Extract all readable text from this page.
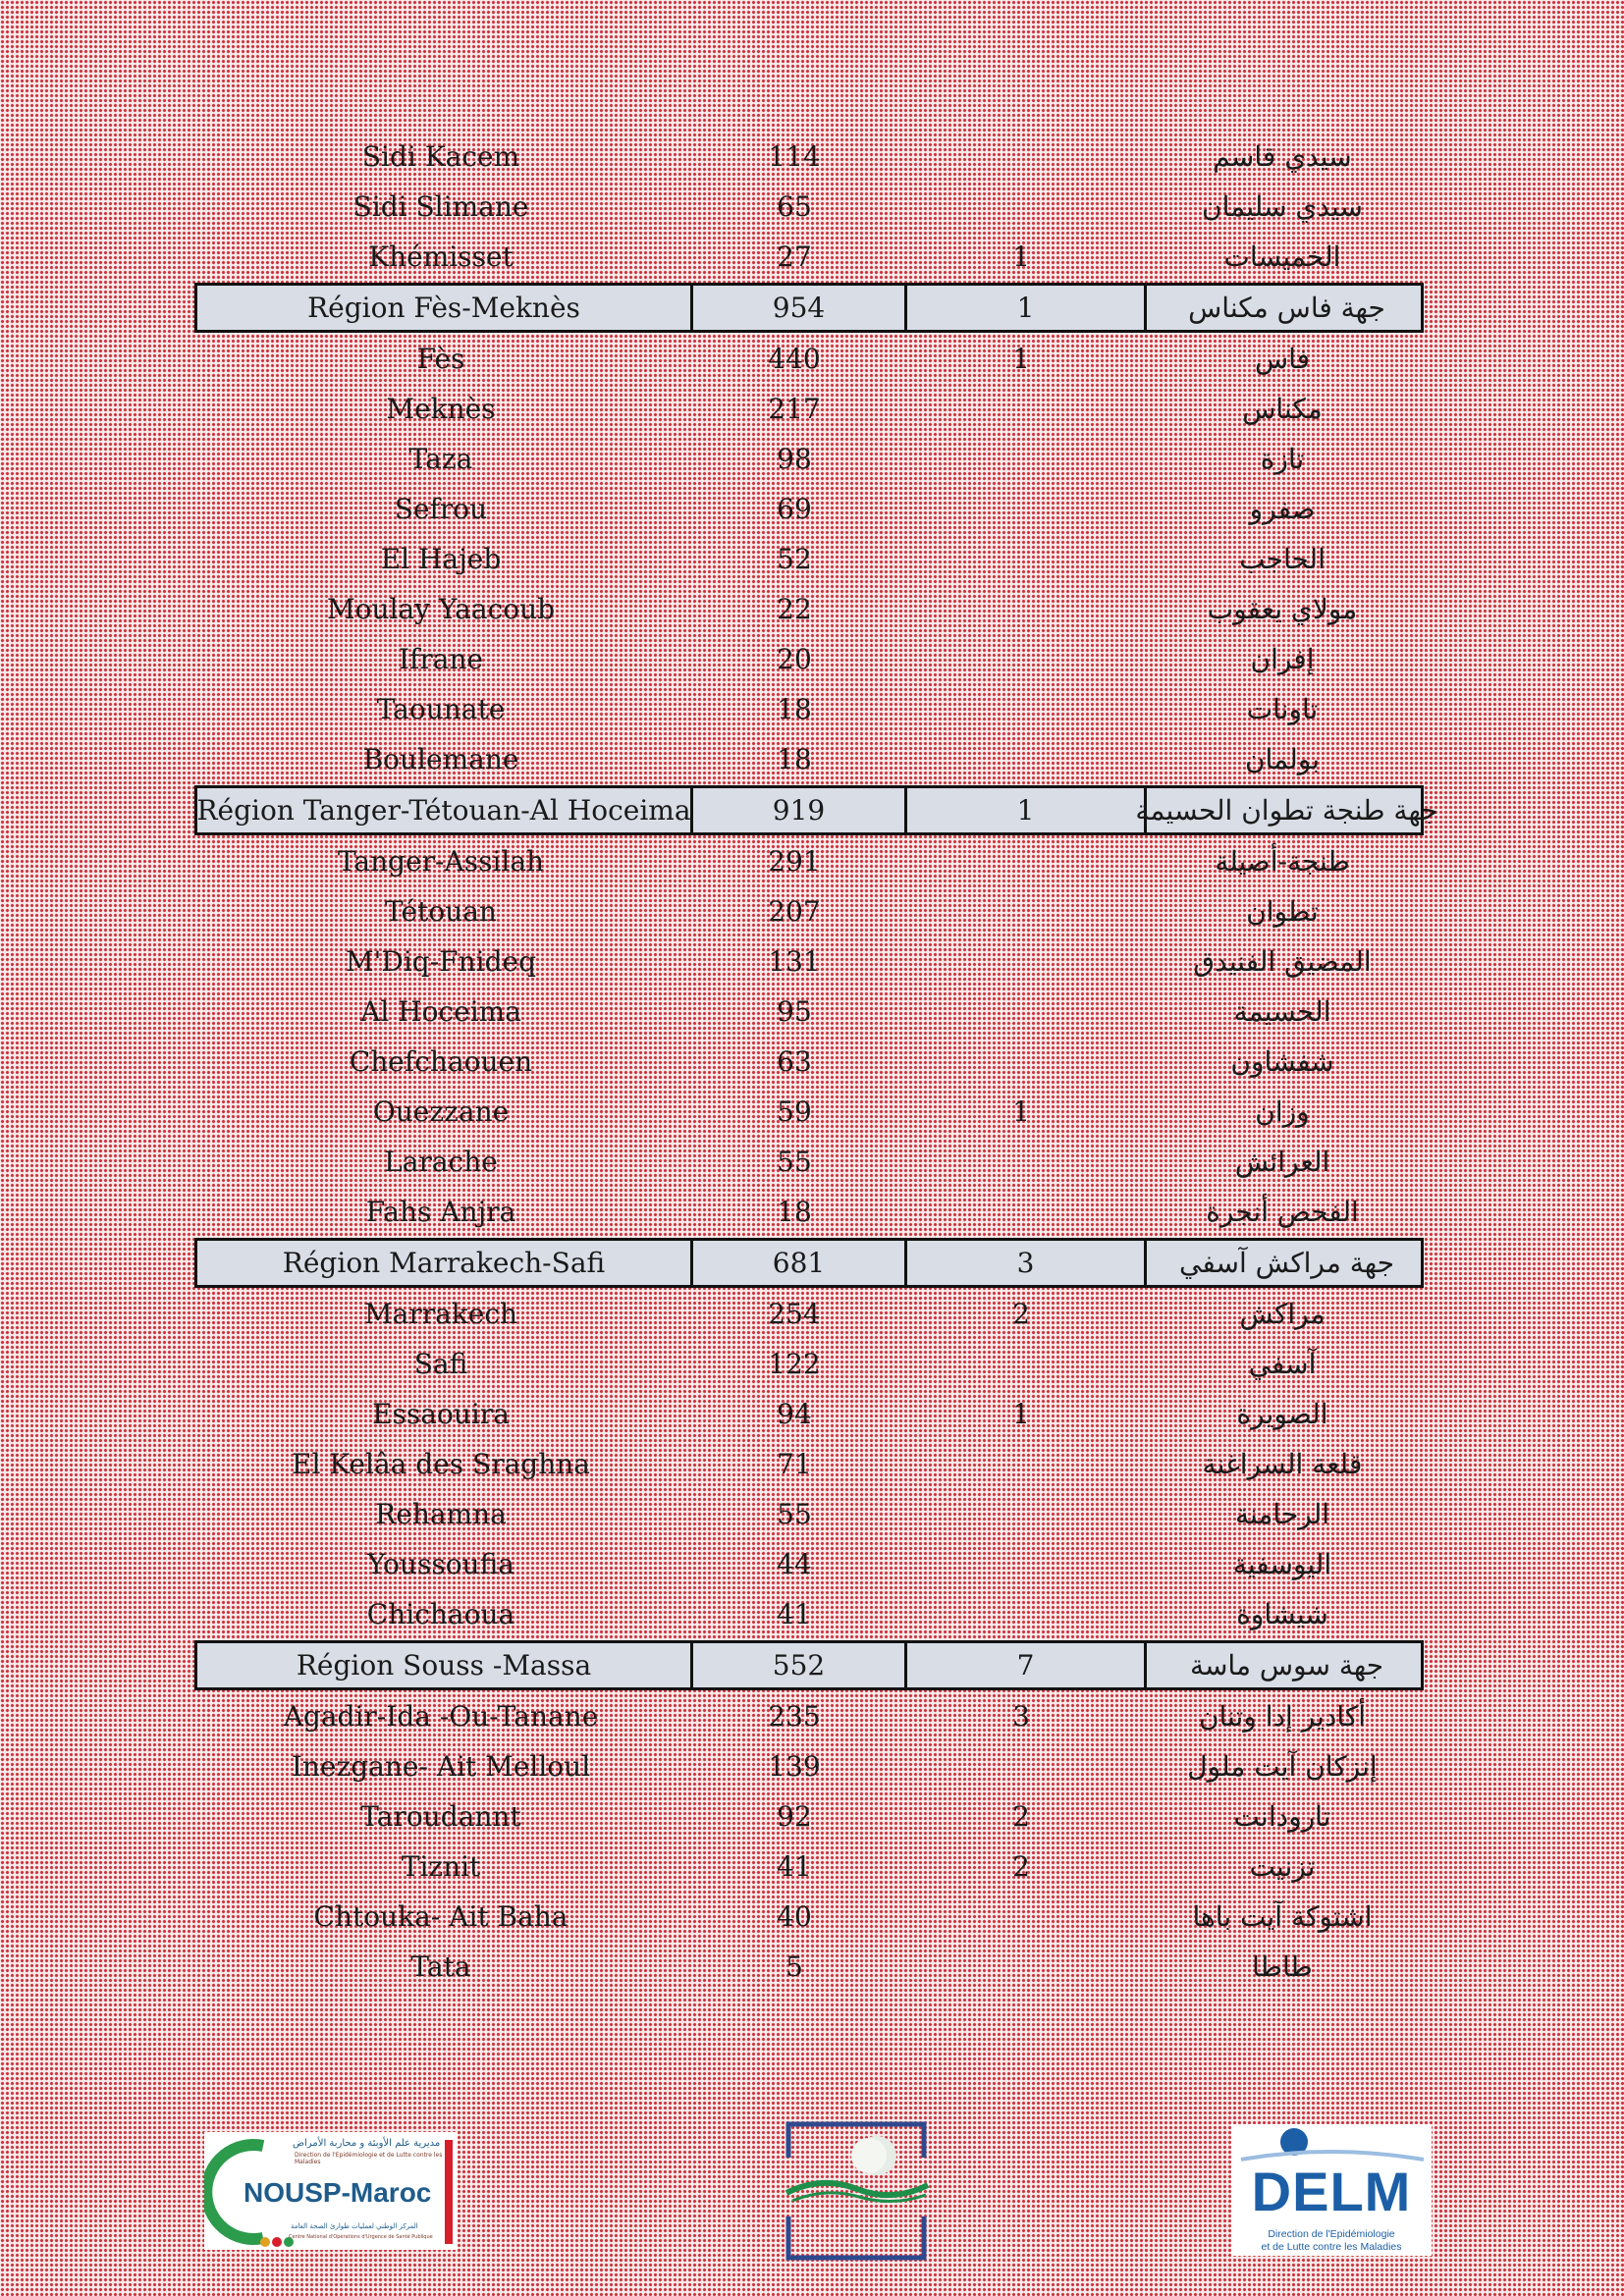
Sidi Kacem	114	سيدي قاسم
Sidi Slimane	65	سيدي سليمان
Khémisset	27	1	الخميسات
Région Fès-Meknès	954	1	جهة فاس مكناس
Fès	440	1	فاس
Meknès	217	مكناس
Taza	98	تازة
Sefrou	69	صفرو
El Hajeb	52	الحاجب
Moulay Yaacoub	22	مولاي يعقوب
Ifrane	20	إفران
Taounate	18	تاونات
Boulemane	18	بولمان
Région Tanger-Tétouan-Al Hoceima	919	1	جهة طنجة تطوان الحسيمة
Tanger-Assilah	291	طنجة-أصيلة
Tétouan	207	تطوان
M'Diq-Fnideq	131	المضيق الفنيدق
Al Hoceima	95	الحسيمة
Chefchaouen	63	شفشاون
Ouezzane	59	1	وزان
Larache	55	العرائش
Fahs Anjra	18	الفحص أنجرة
Région Marrakech-Safi	681	3	جهة مراكش آسفي
Marrakech	254	2	مراكش
Safi	122	آسفي
Essaouira	94	1	الصويرة
El Kelâa des Sraghna	71	قلعة السراغنة
Rehamna	55	الرحامنة
Youssoufia	44	اليوسفية
Chichaoua	41	شيشاوة
Région Souss -Massa	552	7	جهة سوس ماسة
Agadir-Ida -Ou-Tanane	235	3	أكادير إدا وتنان
Inezgane- Ait Melloul	139	إنزكان آيت ملول
Taroudannt	92	2	تارودانت
Tiznit	41	2	تزنيت
Chtouka- Ait Baha	40	اشتوكة آيت باها
Tata	5	طاطا
مديرية علم الأوبئة و محاربة الأمراض
Direction de l'Epidémiologie et de Lutte contre les Maladies
NOUSP-Maroc
المركز الوطني لعمليات طوارئ الصحة العامة
Centre National d'Opérations d'Urgence de Santé Publique
DELM
Direction de l'Epidémiologie
et de Lutte contre les Maladies
